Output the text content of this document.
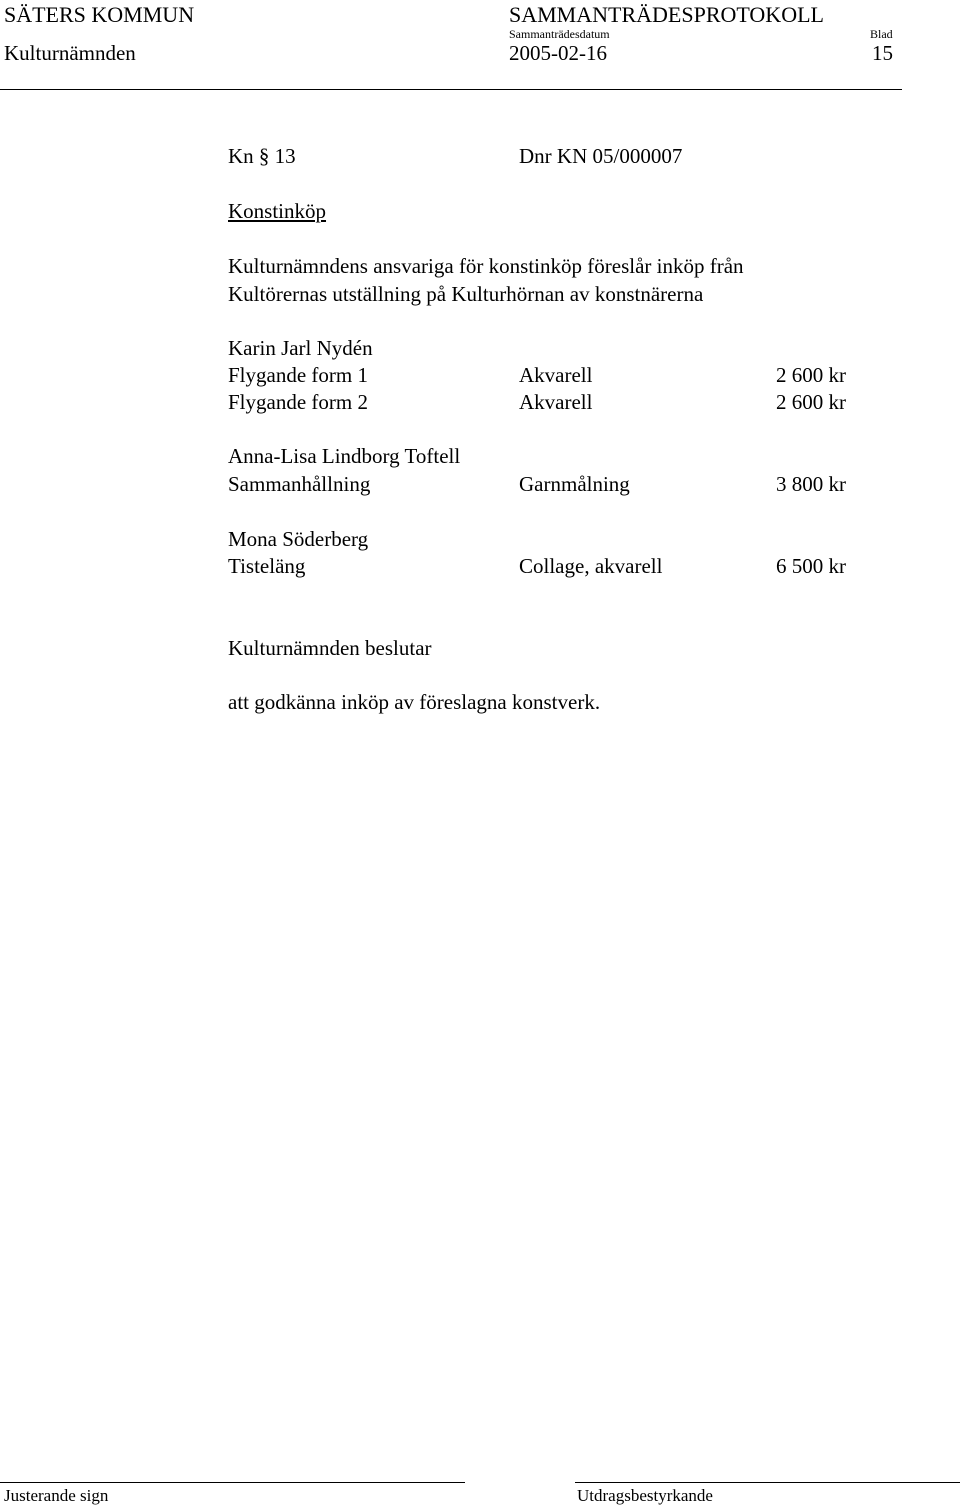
SÄTERS KOMMUN	SAMMANTRÄDESPROTOKOLL
Sammanträdesdatum	Blad
Kulturnämnden	2005-02-16	15
Kn § 13	Dnr KN 05/000007
Konstinköp
Kulturnämndens ansvariga för konstinköp föreslår inköp från
Kultörernas utställning på Kulturhörnan av konstnärerna
Karin Jarl Nydén
Flygande form 1	Akvarell	2 600 kr
Flygande form 2	Akvarell	2 600 kr
Anna-Lisa Lindborg Toftell
Sammanhållning	Garnmålning	3 800 kr
Mona Söderberg
Tisteläng	Collage, akvarell	6 500 kr
Kulturnämnden beslutar
att godkänna inköp av föreslagna konstverk.
Justerande sign	Utdragsbestyrkande
